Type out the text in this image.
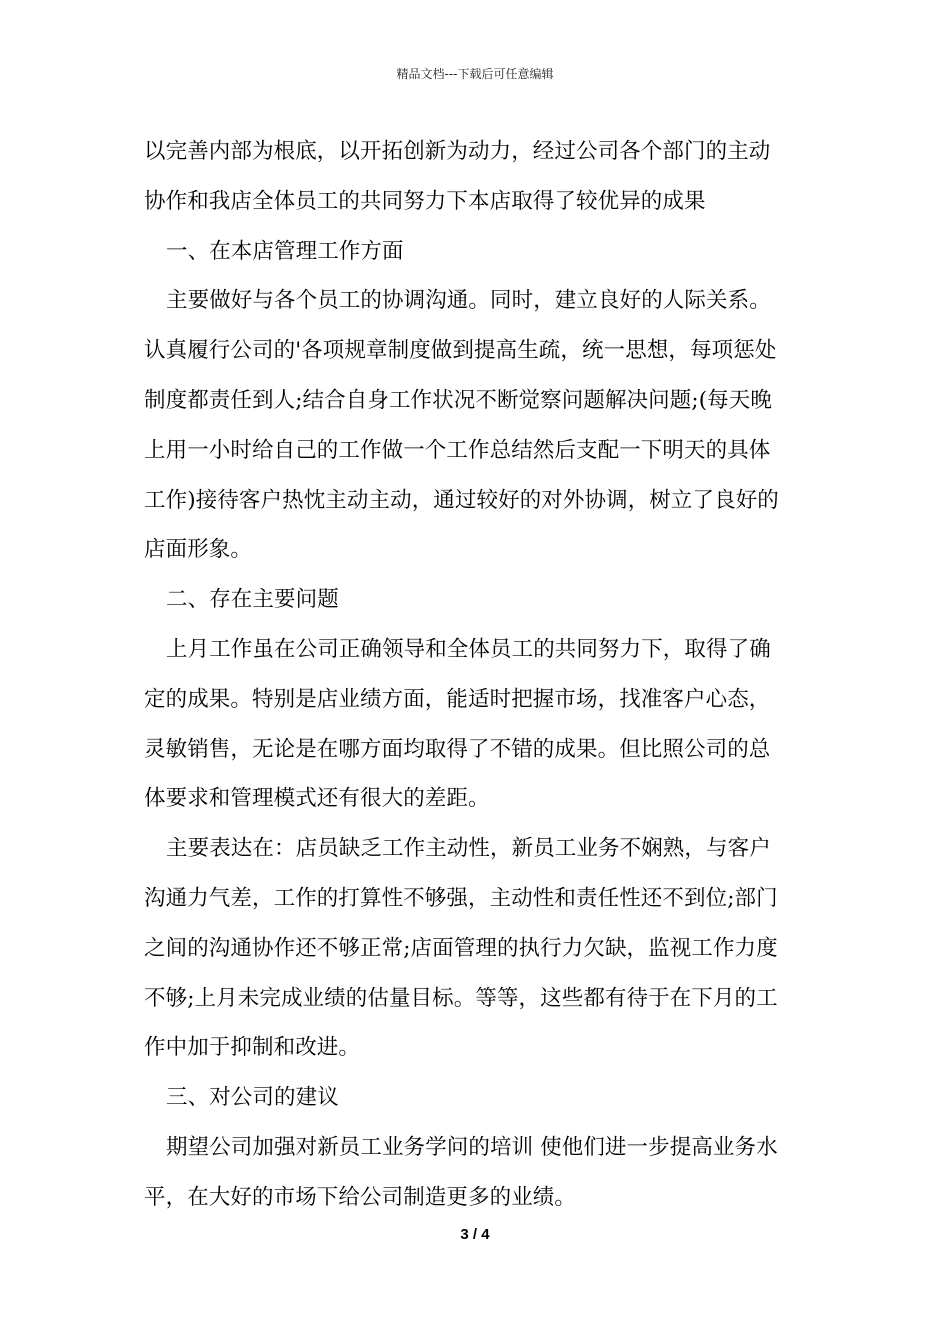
精品文档---下载后可任意编辑
以完善内部为根底，以开拓创新为动力，经过公司各个部门的主动
协作和我店全体员工的共同努力下本店取得了较优异的成果
一、在本店管理工作方面
主要做好与各个员工的协调沟通。同时，建立良好的人际关系。
认真履行公司的'各项规章制度做到提高生疏，统一思想，每项惩处
制度都责任到人;结合自身工作状况不断觉察问题解决问题;(每天晚
上用一小时给自己的工作做一个工作总结然后支配一下明天的具体
工作)接待客户热忱主动主动，通过较好的对外协调，树立了良好的
店面形象。
二、存在主要问题
上月工作虽在公司正确领导和全体员工的共同努力下，取得了确
定的成果。特别是店业绩方面，能适时把握市场，找准客户心态，
灵敏销售，无论是在哪方面均取得了不错的成果。但比照公司的总
体要求和管理模式还有很大的差距。
主要表达在：店员缺乏工作主动性，新员工业务不娴熟，与客户
沟通力气差，工作的打算性不够强，主动性和责任性还不到位;部门
之间的沟通协作还不够正常;店面管理的执行力欠缺，监视工作力度
不够;上月未完成业绩的估量目标。等等，这些都有待于在下月的工
作中加于抑制和改进。
三、对公司的建议
期望公司加强对新员工业务学问的培训 使他们进一步提高业务水
平，在大好的市场下给公司制造更多的业绩。
3 / 4
